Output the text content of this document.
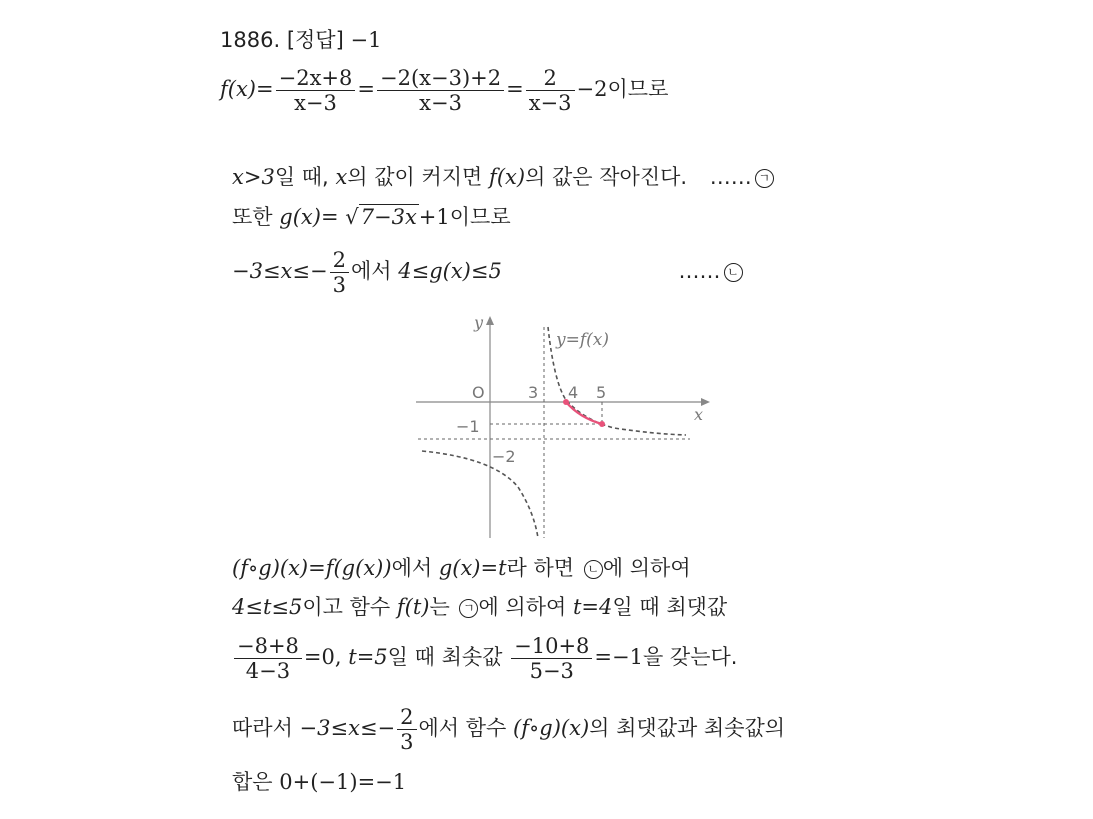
1886. [정답] −1
$f(x)= \frac{-2x+8}{x-3} = \frac{-2(x-3)+2}{x-3} = \frac{2}{x-3} -2$이므로
x>3일 때, x의 값이 커지면 f(x)의 값은 작아진다. …… ㄱ
또한 g(x)= √7−3x+1이므로
$-3\le x\le- \frac{2}{3}$ 에서 4≤g(x)≤5	…… ㄴ
y
x
O
y=f(x)
3 4 5
−1
−2
(f∘g)(x)=f(g(x))에서 g(x)=t라 하면 ㄴ 에 의하여
4≤t≤5이고 함수 f(t)는 ㄱ 에 의하여 t=4일 때 최댓값
$\frac{-8+8}{4-3} =0$, t=5일 때 최솟값 $\frac{-10+8}{5-3} =-1$을 갖는다.
따라서 $-3\le x\le- \frac{2}{3}$ 에서 함수 (f∘g)(x)의 최댓값과 최솟값의
합은 0+(−1)=−1
